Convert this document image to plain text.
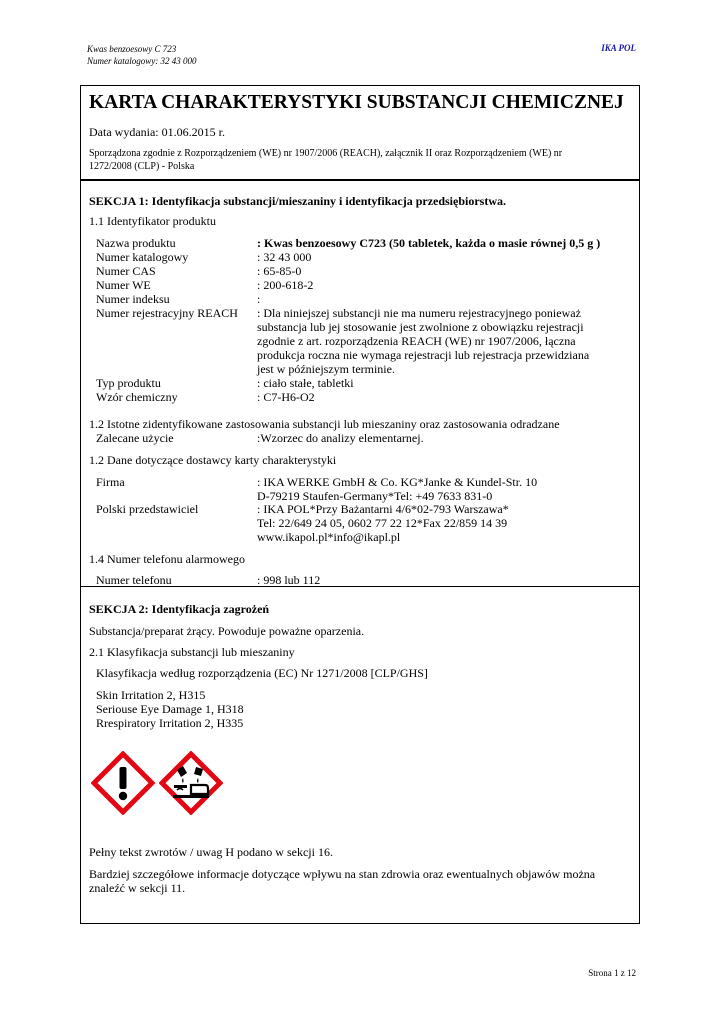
Kwas benzoesowy C 723
Numer katalogowy: 32 43 000
IKA POL
KARTA CHARAKTERYSTYKI SUBSTANCJI CHEMICZNEJ
Data wydania: 01.06.2015 r.
Sporządzona zgodnie z Rozporządzeniem (WE) nr 1907/2006 (REACH), załącznik II oraz Rozporządzeniem (WE) nr
1272/2008 (CLP) - Polska
SEKCJA 1: Identyfikacja substancji/mieszaniny i identyfikacja przedsiębiorstwa.
1.1 Identyfikator produktu
Nazwa produktu	: Kwas benzoesowy C723 (50 tabletek, każda o masie równej 0,5 g )
Numer katalogowy	: 32 43 000
Numer CAS	: 65-85-0
Numer WE	: 200-618-2
Numer indeksu	:
Numer rejestracyjny REACH : Dla niniejszej substancji nie ma numeru rejestracyjnego ponieważ
substancja lub jej stosowanie jest zwolnione z obowiązku rejestracji
zgodnie z art. rozporządzenia REACH (WE) nr 1907/2006, łączna
produkcja roczna nie wymaga rejestracji lub rejestracja przewidziana
jest w późniejszym terminie.
Typ produktu	: ciało stałe, tabletki
Wzór chemiczny	: C7-H6-O2
1.2 Istotne zidentyfikowane zastosowania substancji lub mieszaniny oraz zastosowania odradzane
Zalecane użycie	:Wzorzec do analizy elementarnej.
1.2 Dane dotyczące dostawcy karty charakterystyki
Firma	: IKA WERKE GmbH & Co. KG*Janke & Kundel-Str. 10
D-79219 Staufen-Germany*Tel: +49 7633 831-0
Polski przedstawiciel	: IKA POL*Przy Bażantarni 4/6*02-793 Warszawa*
Tel: 22/649 24 05, 0602 77 22 12*Fax 22/859 14 39
www.ikapol.pl*info@ikapl.pl
1.4 Numer telefonu alarmowego
Numer telefonu	: 998 lub 112
SEKCJA 2: Identyfikacja zagrożeń
Substancja/preparat żrący. Powoduje poważne oparzenia.
2.1 Klasyfikacja substancji lub mieszaniny
Klasyfikacja według rozporządzenia (EC) Nr 1271/2008 [CLP/GHS]
Skin Irritation 2, H315
Seriouse Eye Damage 1, H318
Rrespiratory Irritation 2, H335
Pełny tekst zwrotów / uwag H podano w sekcji 16.
Bardziej szczegółowe informacje dotyczące wpływu na stan zdrowia oraz ewentualnych objawów można
znaleźć w sekcji 11.
Strona 1 z 12
